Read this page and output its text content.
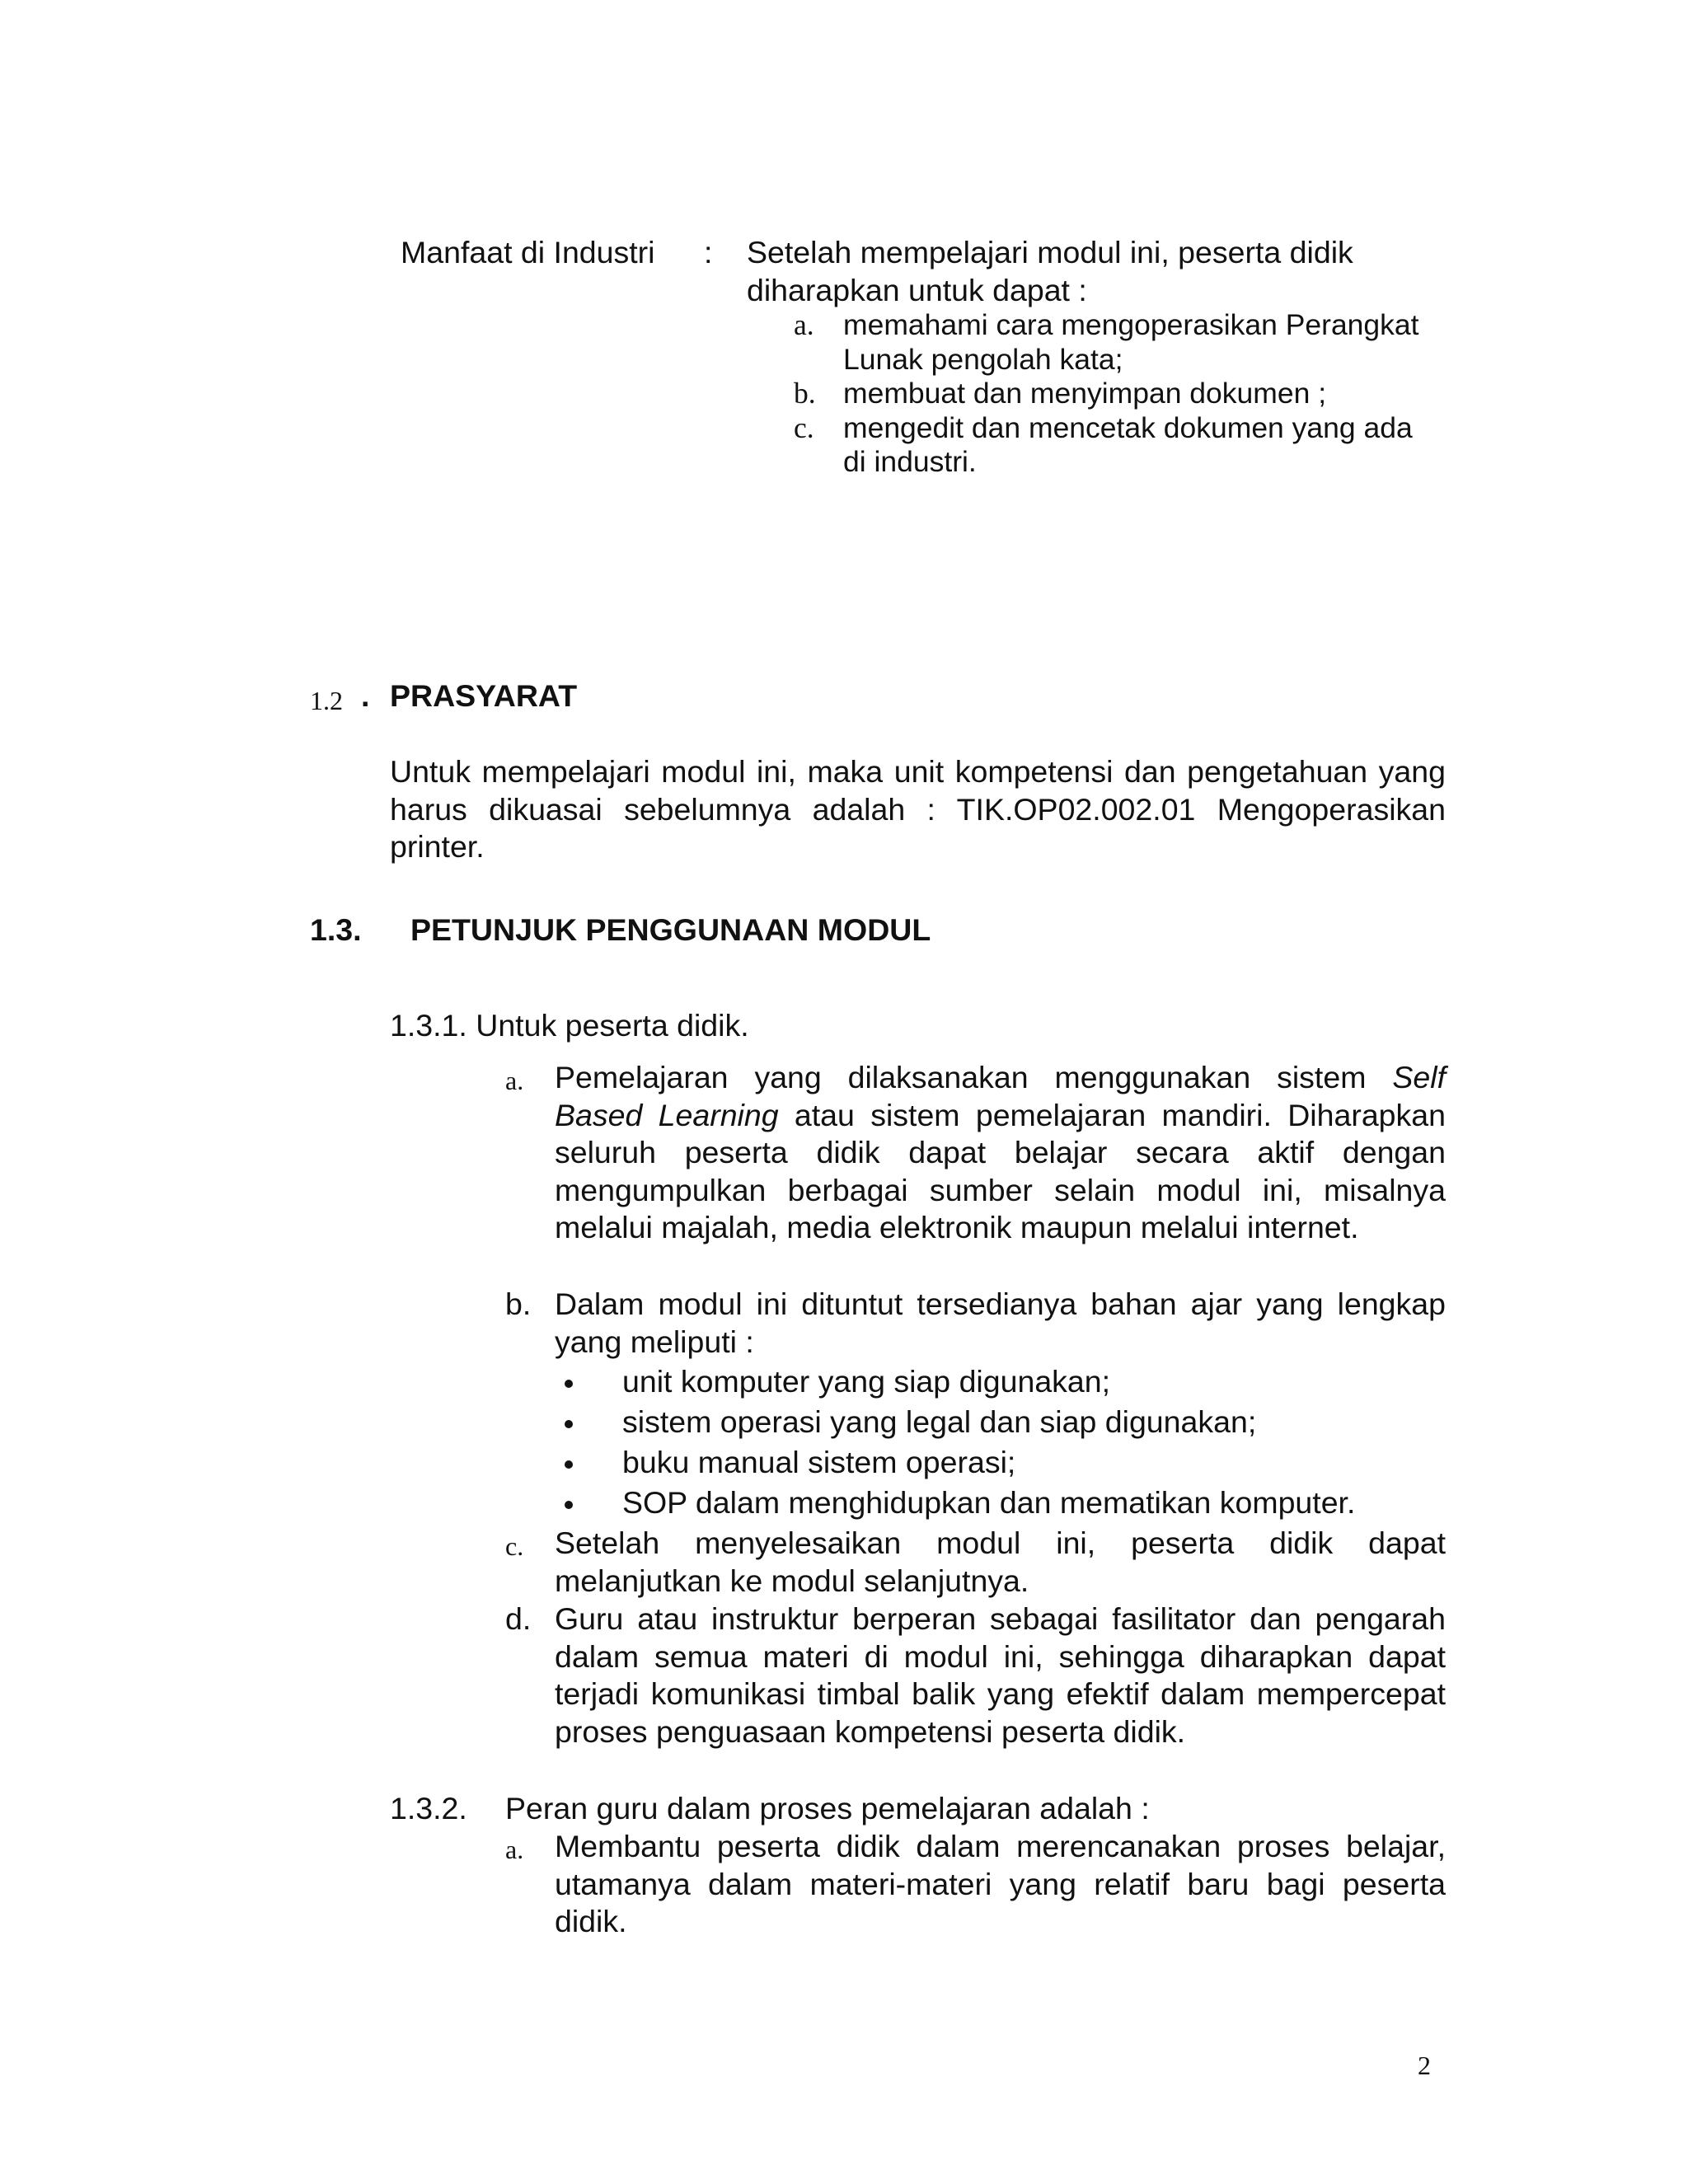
Manfaat di Industri : Setelah mempelajari modul ini, peserta didik
diharapkan untuk dapat :
a. memahami cara mengoperasikan Perangkat
Lunak pengolah kata;
b. membuat dan menyimpan dokumen ;
c. mengedit dan mencetak dokumen yang ada
di industri.
1.2 . PRASYARAT
Untuk mempelajari modul ini, maka unit kompetensi dan pengetahuan yang harus dikuasai sebelumnya adalah : TIK.OP02.002.01 Mengoperasikan printer.
1.3. PETUNJUK PENGGUNAAN MODUL
1.3.1. Untuk peserta didik.
a. Pemelajaran yang dilaksanakan menggunakan sistem Self Based Learning atau sistem pemelajaran mandiri. Diharapkan seluruh peserta didik dapat belajar secara aktif dengan mengumpulkan berbagai sumber selain modul ini, misalnya melalui majalah, media elektronik maupun melalui internet.
b. Dalam modul ini dituntut tersedianya bahan ajar yang lengkap yang meliputi :
unit komputer yang siap digunakan;
sistem operasi yang legal dan siap digunakan;
buku manual sistem operasi;
SOP dalam menghidupkan dan mematikan komputer.
c. Setelah menyelesaikan modul ini, peserta didik dapat melanjutkan ke modul selanjutnya.
d. Guru atau instruktur berperan sebagai fasilitator dan pengarah dalam semua materi di modul ini, sehingga diharapkan dapat terjadi komunikasi timbal balik yang efektif dalam mempercepat proses penguasaan kompetensi peserta didik.
1.3.2. Peran guru dalam proses pemelajaran adalah :
a. Membantu peserta didik dalam merencanakan proses belajar, utamanya dalam materi-materi yang relatif baru bagi peserta didik.
2
